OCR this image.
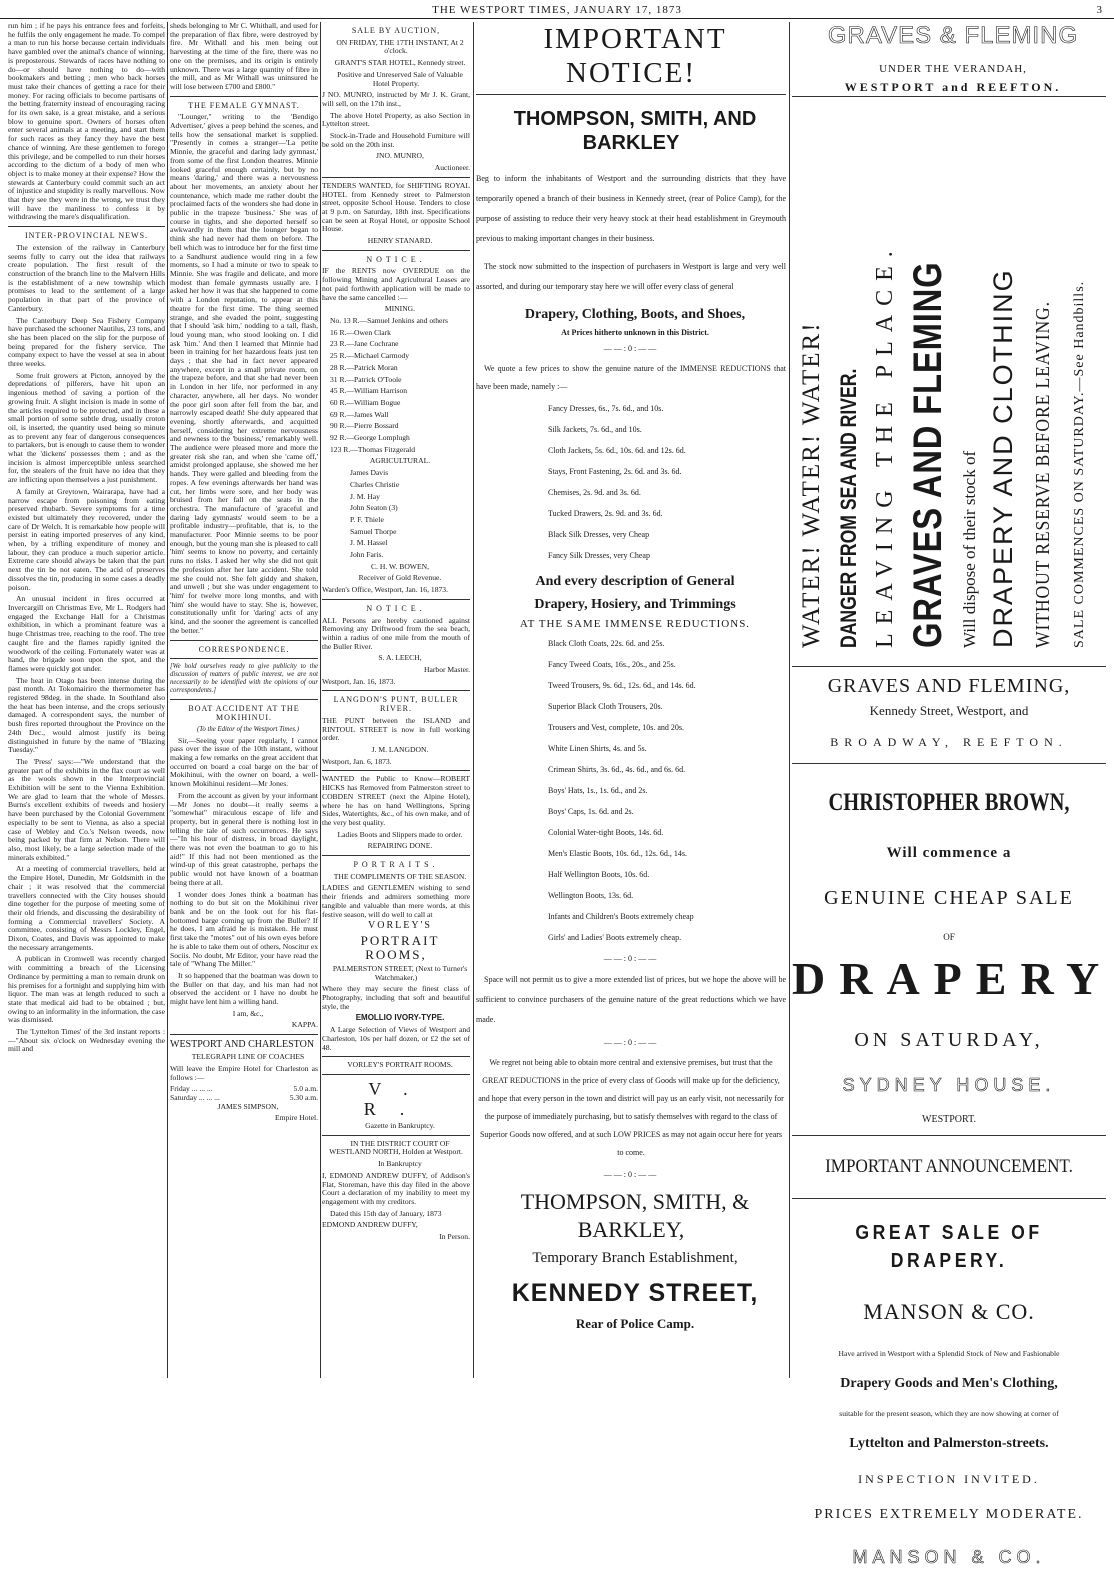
THE WESTPORT TIMES, JANUARY 17, 1873	3

run him ; if he pays his entrance fees and forfeits, he fulfils the only engagement he made. To compel a man to run his horse because certain individuals have gambled over the animal's chance of winning, is preposterous. Stewards of races have nothing to do—or should have nothing to do—with bookmakers and betting ; men who back horses must take their chances of getting a race for their money. For racing officials to become partisans of the betting fraternity instead of encouraging racing for its own sake, is a great mistake, and a serious blow to genuine sport. Owners of horses often enter several animals at a meeting, and start them for such races as they fancy they have the best chance of winning. Are these gentlemen to forego this privilege, and be compelled to run their horses according to the dictum of a body of men who object is to make money at their expense? How the stewards at Canterbury could commit such an act of injustice and stupidity is really marvellous. Now that they see they were in the wrong, we trust they will have the manliness to confess it by withdrawing the mare's disqualification.

INTER-PROVINCIAL NEWS.

The extension of the railway in Canterbury seems fully to carry out the idea that railways create population. The first result of the construction of the branch line to the Malvern Hills is the establishment of a new township which promises to lead to the settlement of a large population in that part of the province of Canterbury.

The Canterbury Deep Sea Fishery Company have purchased the schooner Nautilus, 23 tons, and she has been placed on the slip for the purpose of being prepared for the fishery service. The company expect to have the vessel at sea in about three weeks.

Some fruit growers at Picton, annoyed by the depredations of pilferers, have hit upon an ingenious method of saving a portion of the growing fruit. A slight incision is made in some of the articles required to be protected, and in these a small portion of some subtle drug, usually croton oil, is inserted, the quantity used being so minute as to prevent any fear of dangerous consequences to partakers, but is enough to cause them to wonder what the 'dickens' possesses them ; and as the incision is almost imperceptible unless searched for, the stealers of the fruit have no idea that they are inflicting upon themselves a just punishment.

A family at Greytown, Wairarapa, have had a narrow escape from poisoning from eating preserved rhubarb. Severe symptoms for a time existed but ultimately they recovered, under the care of Dr Welch. It is remarkable how people will persist in eating imported preserves of any kind, when, by a trifling expenditure of money and labour, they can produce a much superior article. Extreme care should always be taken that the part next the tin be not eaten. The acid of preserves dissolves the tin, producing in some cases a deadly poison.

An unusual incident in fires occurred at Invercargill on Christmas Eve, Mr L. Rodgers had engaged the Exchange Hall for a Christmas exhibition, in which a prominant feature was a huge Christmas tree, reaching to the roof. The tree caught fire and the flames rapidly ignited the woodwork of the ceiling. Fortunately water was at hand, the brigade soon upon the spot, and the flames were quickly got under.

The heat in Otago has been intense during the past month. At Tokomairiro the thermometer has registered 98deg. in the shade. In Southland also the heat has been intense, and the crops seriously damaged. A correspondent says, the number of bush fires reported throughout the Province on the 24th Dec., would almost justify its being distinguished in future by the name of "Blazing Tuesday."

The 'Press' says:—"We understand that the greater part of the exhibits in the flax court as well as the wools shown in the Interprovincial Exhibition will be sent to the Vienna Exhibition. We are glad to learn that the whole of Messrs. Burns's excellent exhibits of tweeds and hosiery have been purchased by the Colonial Government especially to be sent to Vienna, as also a special case of Webley and Co.'s Nelson tweeds, now being packed by that firm at Nelson. There will also, most likely, be a large selection made of the minerals exhibited."

At a meeting of commercial travellers, held at the Empire Hotel, Dunedin, Mr Goldsmith in the chair ; it was resolved that the commercial travellers connected with the City houses should dine together for the purpose of meeting some of their old friends, and discussing the desirability of forming a Commercial travellers' Society. A committee, consisting of Messrs Lockley, Engel, Dixon, Coates, and Davis was appointed to make the necessary arrangements.

A publican in Cromwell was recently charged with committing a breach of the Licensing Ordinance by permitting a man to remain drunk on his premises for a fortnight and supplying him with liquor. The man was at length reduced to such a state that medical aid had to be obtained ; but, owing to an informality in the information, the case was dismissed.

The 'Lyttelton Times' of the 3rd instant reports :—"About six o'clock on Wednesday evening the mill and

sheds belonging to Mr C. Whithall, and used for the preparation of flax fibre, were destroyed by fire. Mr Withall and his men being out harvesting at the time of the fire, there was no one on the premises, and its origin is entirely unknown. There was a large quantity of fibre in the mill, and as Mr Withall was uninsured he will lose between £700 and £800."

THE FEMALE GYMNAST.

"Lounger," writing to the 'Bendigo Advertiser,' gives a peep behind the scenes, and tells how the sensational market is supplied. "Presently in comes a stranger—'La petite Minnie, the graceful and daring lady gymnast,' from some of the first London theatres. Minnie looked graceful enough certainly, but by no means 'daring,' and there was a nervousness about her movements, an anxiety about her countenance, which made me rather doubt the proclaimed facts of the wonders she had done in public in the trapeze 'business.' She was of course in tights, and she deported herself so awkwardly in them that the lounger began to think she had never had them on before. The bell which was to introduce her for the first time to a Sandhurst audience would ring in a few moments, so I had a minute or two to speak to Minnie. She was fragile and delicate, and more modest than female gymnasts usually are. I asked her how it was that she happened to come with a London reputation, to appear at this theatre for the first time. The thing seemed strange, and she evaded the point, suggesting that I should 'ask him,' nodding to a tall, flash, loud young man, who stood looking on. I did ask 'him.' And then I learned that Minnie had been in training for her hazardous feats just ten days ; that she had in fact never appeared anywhere, except in a small private room, on the trapeze before, and that she had never been in London in her life, nor performed in any character, anywhere, all her days. No wonder the poor girl soon after fell from the bar, and narrowly escaped death! She duly appeared that evening, shortly afterwards, and acquitted herself, considering her extreme nervousness and newness to the 'business,' remarkably well. The audience were pleased more and more the greater risk she ran, and when she 'came off,' amidst prolonged applause, she showed me her hands. They were galled and bleeding from the ropes. A few evenings afterwards her hand was cut, her limbs were sore, and her body was bruised from her fall on the seats in the orchestra. The manufacture of 'graceful and daring lady gymnasts' would seem to be a profitable industry—profitable, that is, to the manufacturer. Poor Minnie seems to be poor enough, but the young man she is pleased to call 'him' seems to know no poverty, and certainly runs no risks. I asked her why she did not quit the profession after her late accident. She told me she could not. She felt giddy and shaken, and unwell ; but she was under engagement to 'him' for twelve more long months, and with 'him' she would have to stay. She is, however, constitutionally unfit for 'daring' acts of any kind, and the sooner the agreement is cancelled the better."

CORRESPONDENCE.

[We hold ourselves ready to give publicity to the discussion of matters of public interest, we are not necessarily to be identified with the opinions of our correspondents.]

BOAT ACCIDENT AT THE MOKIHINUI.

(To the Editor of the Westport Times.)

Sir,—Seeing your paper regularly, I cannot pass over the issue of the 10th instant, without making a few remarks on the great accident that occurred on board a coal barge on the bar of Mokihinui, with the owner on board, a well-known Mokihinui resident—Mr Jones.

From the account as given by your informant—Mr Jones no doubt—it really seems a "somewhat" miraculous escape of life and property, but in general there is nothing lost in telling the tale of such occurrences. He says—"In his hour of distress, in broad daylight, there was not even the boatman to go to his aid!" If this had not been mentioned as the wind-up of this great catastrophe, perhaps the public would not have known of a boatman being there at all.

I wonder does Jones think a boatman has nothing to do but sit on the Mokihinui river bank and be on the look out for his flat-bottomed barge coming up from the Buller? If he does, I am afraid he is mistaken. He must first take the "motes" out of his own eyes before he is able to take them out of others, Noscitur ex Sociis. No doubt, Mr Editor, your have read the tale of "Whang The Miller."

It so happened that the boatman was down to the Buller on that day, and his man had not observed the accident or I have no doubt he might have lent him a willing hand.

I am, &c.,

KAPPA.

WESTPORT AND CHARLESTON

TELEGRAPH LINE OF COACHES

Will leave the Empire Hotel for Charleston as follows :—

Friday ... ... ...	5.0 a.m.
Saturday ... ... ...	5.30 a.m.

JAMES SIMPSON,

Empire Hotel.

SALE BY AUCTION,

ON FRIDAY, THE 17TH INSTANT, At 2 o'clock.

GRANT'S STAR HOTEL, Kennedy street.

Positive and Unreserved Sale of Valuable Hotel Property.

J NO. MUNRO, instructed by Mr J. K. Grant, will sell, on the 17th inst.,

The above Hotel Property, as also Section in Lyttelton street.

Stock-in-Trade and Household Furniture will be sold on the 20th inst.

JNO. MUNRO,

Auctioneer.

TENDERS WANTED, for SHIFTING ROYAL HOTEL from Kennedy street to Palmerston street, opposite School House. Tenders to close at 9 p.m. on Saturday, 18th inst. Specifications can be seen at Royal Hotel, or opposite School House.

HENRY STANARD.

NOTICE.

IF the RENTS now OVERDUE on the following Mining and Agricultural Leases are not paid forthwith application will be made to have the same cancelled :—

MINING.

No. 13 R.—Samuel Jenkins and others

16 R.—Owen Clark

23 R.—Jane Cochrane

25 R.—Michael Carmody

28 R.—Patrick Moran

31 R.—Patrick O'Toole

45 R.—William Harrison

60 R.—William Bogue

69 R.—James Wall

90 R.—Pierre Bossard

92 R.—George Lomplugh

123 R.—Thomas Fitzgerald

AGRICULTURAL.

James Davis

Charles Christie

J. M. Hay

John Seaton (3)

P. F. Thiele

Samuel Thorpe

J. M. Hassel

John Faris.

C. H. W. BOWEN,

Receiver of Gold Revenue.

Warden's Office, Westport, Jan. 16, 1873.

NOTICE.

ALL Persons are hereby cautioned against Removing any Driftwood from the sea beach, within a radius of one mile from the mouth of the Buller River.

S. A. LEECH,

Harbor Master.

Westport, Jan. 16, 1873.

LANGDON'S PUNT, BULLER RIVER.

THE PUNT between the ISLAND and RINTOUL STREET is now in full working order.

J. M. LANGDON.

Westport, Jan. 6, 1873.

WANTED the Public to Know—ROBERT HICKS has Removed from Palmerston street to COBDEN STREET (next the Alpine Hotel), where he has on hand Wellingtons, Spring Sides, Watertights, &c., of his own make, and of the very best quality.

Ladies Boots and Slippers made to order.

REPAIRING DONE.

PORTRAITS.

THE COMPLIMENTS OF THE SEASON.

LADIES and GENTLEMEN wishing to send their friends and admirers something more tangible and valuable than mere words, at this festive season, will do well to call at

VORLEY'S

PORTRAIT ROOMS,

PALMERSTON STREET, (Next to Turner's Watchmaker,)

Where they may secure the finest class of Photography, including that soft and beautiful style, the

EMOLLIO IVORY-TYPE.

A Large Selection of Views of Westport and Charleston, 10s per half dozen, or £2 the set of 48.

VORLEY'S PORTRAIT ROOMS.

V. R.

Gazette in Bankruptcy.

IN THE DISTRICT COURT OF WESTLAND NORTH, Holden at Westport.

In Bankruptcy

I, EDMOND ANDREW DUFFY, of Addison's Flat, Storeman, have this day filed in the above Court a declaration of my inability to meet my engagement with my creditors.

Dated this 15th day of January, 1873

EDMOND ANDREW DUFFY,

In Person.

IMPORTANT NOTICE!

THOMPSON, SMITH, AND BARKLEY

Beg to inform the inhabitants of Westport and the surrounding districts that they have temporarily opened a branch of their business in Kennedy street, (rear of Police Camp), for the purpose of assisting to reduce their very heavy stock at their head establishment in Greymouth previous to making important changes in their business.

The stock now submitted to the inspection of purchasers in Westport is large and very well assorted, and during our temporary stay here we will offer every class of general

Drapery, Clothing, Boots, and Shoes,

At Prices hitherto unknown in this District.

——:0:——

We quote a few prices to show the genuine nature of the IMMENSE REDUCTIONS that have been made, namely :—

Fancy Dresses, 6s., 7s. 6d., and 10s.

Silk Jackets, 7s. 6d., and 10s.

Cloth Jackets, 5s. 6d., 10s. 6d. and 12s. 6d.

Stays, Front Fastening, 2s. 6d. and 3s. 6d.

Chemises, 2s. 9d. and 3s. 6d.

Tucked Drawers, 2s. 9d. and 3s. 6d.

Black Silk Dresses, very Cheap

Fancy Silk Dresses, very Cheap

And every description of General

Drapery, Hosiery, and Trimmings

AT THE SAME IMMENSE REDUCTIONS.

Black Cloth Coats, 22s. 6d. and 25s.

Fancy Tweed Coats, 16s., 20s., and 25s.

Tweed Trousers, 9s. 6d., 12s. 6d., and 14s. 6d.

Superior Black Cloth Trousers, 20s.

Trousers and Vest, complete, 10s. and 20s.

White Linen Shirts, 4s. and 5s.

Crimean Shirts, 3s. 6d., 4s. 6d., and 6s. 6d.

Boys' Hats, 1s., 1s. 6d., and 2s.

Boys' Caps, 1s. 6d. and 2s.

Colonial Water-tight Boots, 14s. 6d.

Men's Elastic Boots, 10s. 6d., 12s. 6d., 14s.

Half Wellington Boots, 10s. 6d.

Wellington Boots, 13s. 6d.

Infants and Children's Boots extremely cheap

Girls' and Ladies' Boots extremely cheap.

——:0:——

Space will not permit us to give a more extended list of prices, but we hope the above will be sufficient to convince purchasers of the genuine nature of the great reductions which we have made.

——:0:——

We regret not being able to obtain more central and extensive premises, but trust that the GREAT REDUCTIONS in the price of every class of Goods will make up for the deficiency, and hope that every person in the town and district will pay us an early visit, not necessarily for the purpose of immediately purchasing, but to satisfy themselves with regard to the class of Superior Goods now offered, and at such LOW PRICES as may not again occur here for years to come.

——:0:——

THOMPSON, SMITH, & BARKLEY,

Temporary Branch Establishment,

KENNEDY STREET,

Rear of Police Camp.

GRAVES & FLEMING

UNDER THE VERANDAH,

WESTPORT and REEFTON.

WATER! WATER! WATER! DANGER FROM SEA AND RIVER. LEAVING THE PLACE. GRAVES AND FLEMING Will dispose of their stock of DRAPERY AND CLOTHING WITHOUT RESERVE BEFORE LEAVING. SALE COMMENCES ON SATURDAY.—See Handbills.

GRAVES AND FLEMING,

Kennedy Street, Westport, and

BROADWAY, REEFTON.

CHRISTOPHER BROWN,

Will commence a

GENUINE CHEAP SALE

OF

DRAPERY

ON SATURDAY,

SYDNEY HOUSE.

WESTPORT.

IMPORTANT ANNOUNCEMENT.

GREAT SALE OF DRAPERY.

MANSON & CO.

Have arrived in Westport with a Splendid Stock of New and Fashionable

Drapery Goods and Men's Clothing,

suitable for the present season, which they are now showing at corner of

Lyttelton and Palmerston-streets.

INSPECTION INVITED.

PRICES EXTREMELY MODERATE.

MANSON & CO.
